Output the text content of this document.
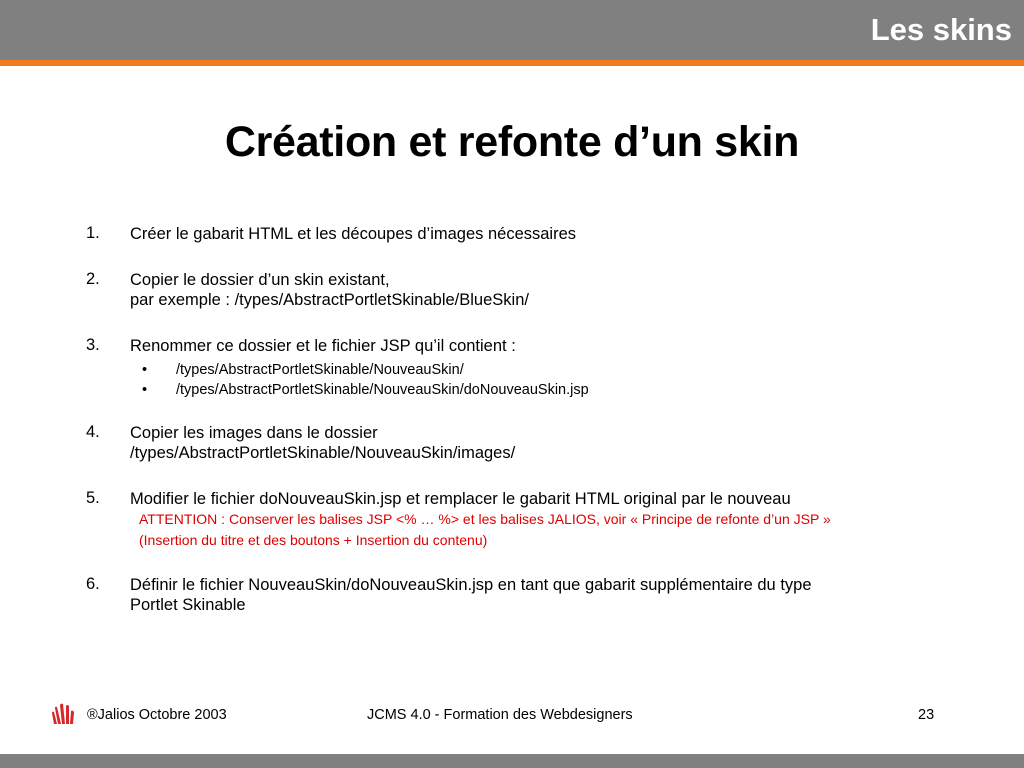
Les skins
Création et refonte d’un skin
1. Créer le gabarit HTML et les découpes d’images nécessaires
2. Copier le dossier d’un skin existant,
par exemple : /types/AbstractPortletSkinable/BlueSkin/
3. Renommer ce dossier et le fichier JSP qu’il contient :
• /types/AbstractPortletSkinable/NouveauSkin/
• /types/AbstractPortletSkinable/NouveauSkin/doNouveauSkin.jsp
4. Copier les images dans le dossier
/types/AbstractPortletSkinable/NouveauSkin/images/
5. Modifier le fichier doNouveauSkin.jsp et remplacer le gabarit HTML original par le nouveau
ATTENTION : Conserver les balises JSP <% … %> et les balises JALIOS, voir « Principe de refonte d’un JSP »
(Insertion du titre et des boutons + Insertion du contenu)
6. Définir le fichier NouveauSkin/doNouveauSkin.jsp en tant que gabarit supplémentaire du type
Portlet Skinable
®Jalios Octobre 2003	JCMS 4.0 - Formation des Webdesigners	23
